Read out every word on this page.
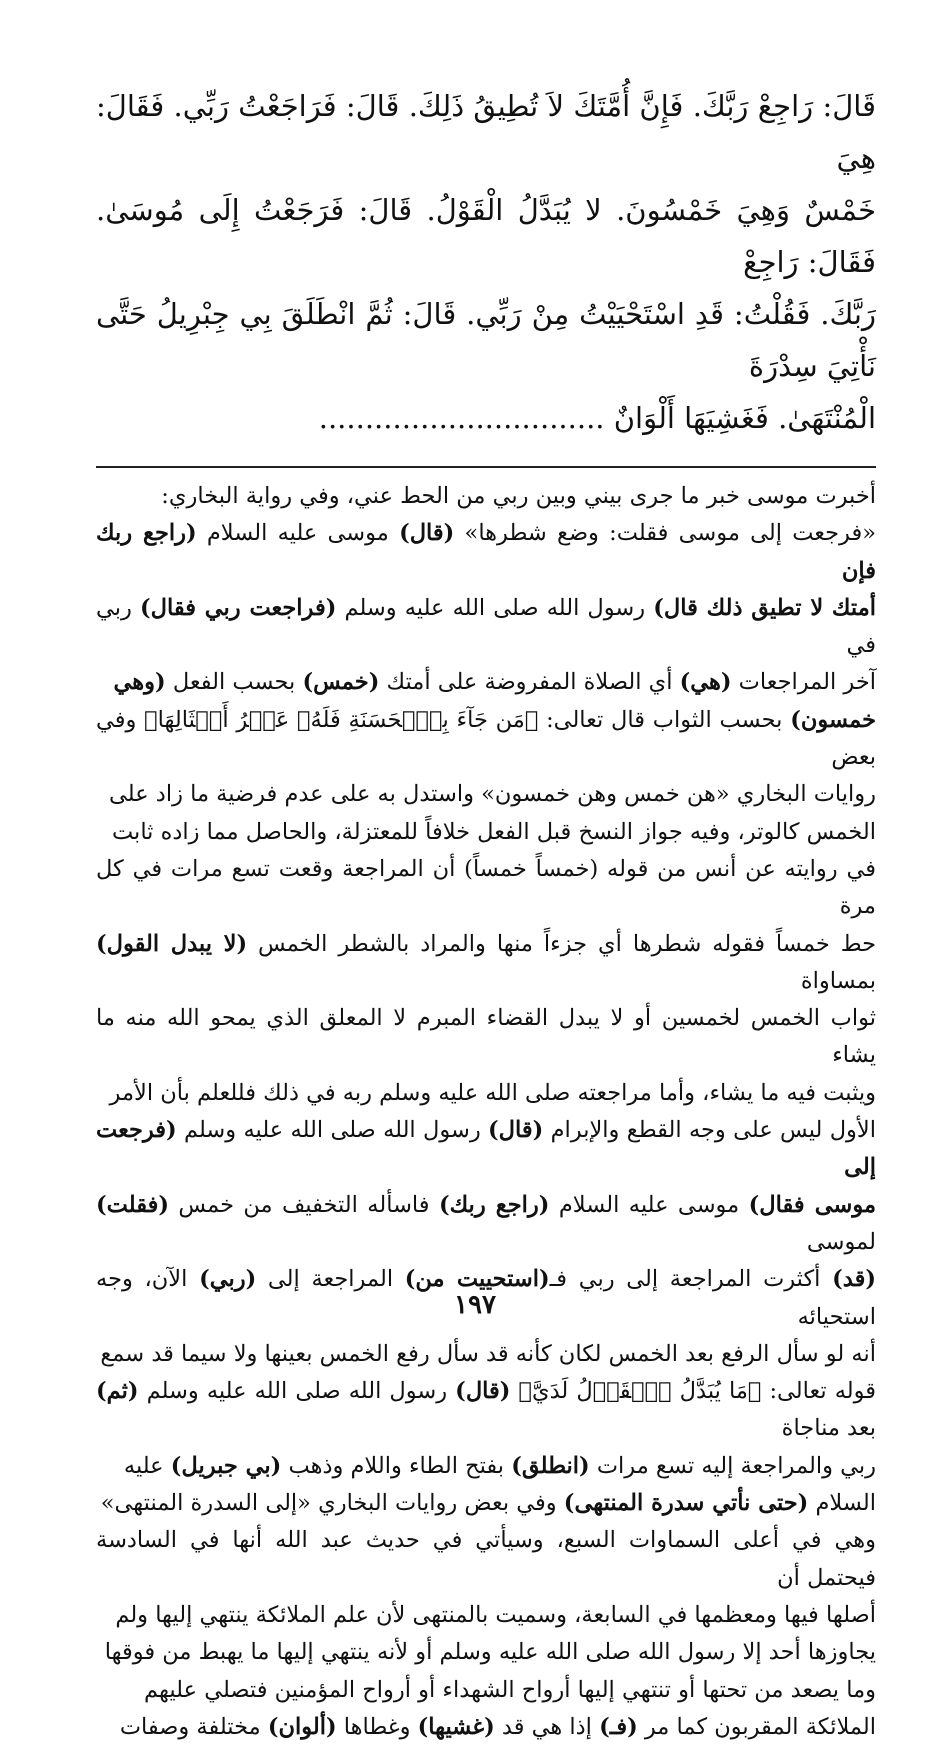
قَالَ: رَاجِعْ رَبَّكَ. فَإِنَّ أُمَّتَكَ لاَ تُطِيقُ ذَلِكَ. قَالَ: فَرَاجَعْتُ رَبِّي. فَقَالَ: هِيَ

خَمْسٌ وَهِيَ خَمْسُونَ. لا يُبَدَّلُ الْقَوْلُ. قَالَ: فَرَجَعْتُ إِلَى مُوسَىٰ. فَقَالَ: رَاجِعْ

رَبَّكَ. فَقُلْتُ: قَدِ اسْتَحْيَيْتُ مِنْ رَبِّي. قَالَ: ثُمَّ انْطَلَقَ بِي جِبْرِيلُ حَتَّى نَأْتِيَ سِدْرَةَ

الْمُنْتَهَىٰ. فَغَشِيَهَا أَلْوَانٌ ...............................

أخبرت موسى خبر ما جرى بيني وبين ربي من الحط عني، وفي رواية البخاري:

«فرجعت إلى موسى فقلت: وضع شطرها» (قال) موسى عليه السلام (راجع ربك فإن

أمتك لا تطيق ذلك قال) رسول الله صلى الله عليه وسلم (فراجعت ربي فقال) ربي في

آخر المراجعات (هي) أي الصلاة المفروضة على أمتك (خمس) بحسب الفعل (وهي

خمسون) بحسب الثواب قال تعالى: ﴿مَن جَآءَ بِٱلۡحَسَنَةِ فَلَهُۥ عَشۡرُ أَمۡثَالِهَا﴾ وفي بعض

روايات البخاري «هن خمس وهن خمسون» واستدل به على عدم فرضية ما زاد على

الخمس كالوتر، وفيه جواز النسخ قبل الفعل خلافاً للمعتزلة، والحاصل مما زاده ثابت

في روايته عن أنس من قوله (خمساً خمساً) أن المراجعة وقعت تسع مرات في كل مرة

حط خمساً فقوله شطرها أي جزءاً منها والمراد بالشطر الخمس (لا يبدل القول) بمساواة

ثواب الخمس لخمسين أو لا يبدل القضاء المبرم لا المعلق الذي يمحو الله منه ما يشاء

ويثبت فيه ما يشاء، وأما مراجعته صلى الله عليه وسلم ربه في ذلك فللعلم بأن الأمر

الأول ليس على وجه القطع والإبرام (قال) رسول الله صلى الله عليه وسلم (فرجعت إلى

موسى فقال) موسى عليه السلام (راجع ربك) فاسأله التخفيف من خمس (فقلت) لموسى

(قد) أكثرت المراجعة إلى ربي فـ(استحييت من) المراجعة إلى (ربي) الآن، وجه استحيائه

أنه لو سأل الرفع بعد الخمس لكان كأنه قد سأل رفع الخمس بعينها ولا سيما قد سمع

قوله تعالى: ﴿مَا يُبَدَّلُ ٱلۡقَوۡلُ لَدَيَّ﴾ (قال) رسول الله صلى الله عليه وسلم (ثم) بعد مناجاة

ربي والمراجعة إليه تسع مرات (انطلق) بفتح الطاء واللام وذهب (بي جبريل) عليه

السلام (حتى نأتي سدرة المنتهى) وفي بعض روايات البخاري «إلى السدرة المنتهى»

وهي في أعلى السماوات السبع، وسيأتي في حديث عبد الله أنها في السادسة فيحتمل أن

أصلها فيها ومعظمها في السابعة، وسميت بالمنتهى لأن علم الملائكة ينتهي إليها ولم

يجاوزها أحد إلا رسول الله صلى الله عليه وسلم أو لأنه ينتهي إليها ما يهبط من فوقها

وما يصعد من تحتها أو تنتهي إليها أرواح الشهداء أو أرواح المؤمنين فتصلي عليهم

الملائكة المقربون كما مر (فـ) إذا هي قد (غشيها) وغطاها (ألوان) مختلفة وصفات

١٩٧
